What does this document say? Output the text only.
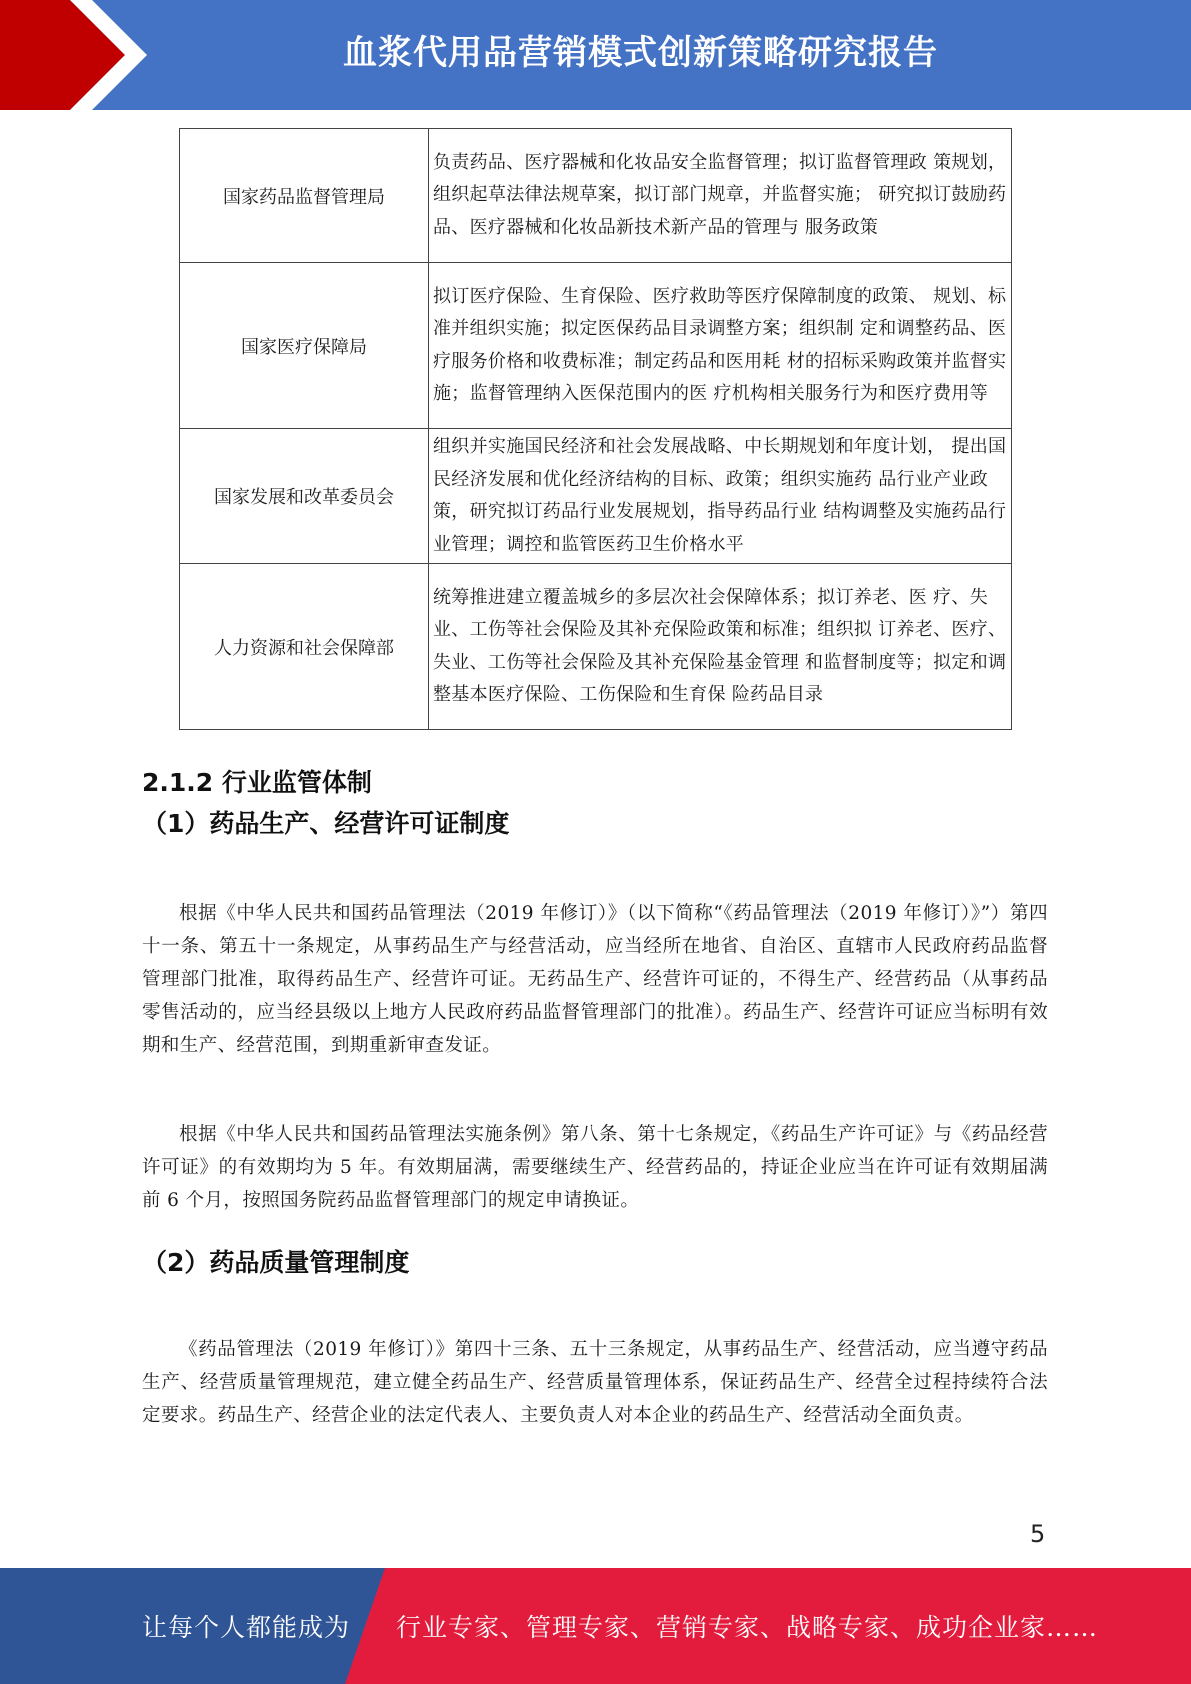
血浆代用品营销模式创新策略研究报告
国家药品监督管理局	负责药品、医疗器械和化妆品安全监督管理；拟订监督管理政 策规划，组织起草法律法规草案，拟订部门规章，并监督实施； 研究拟订鼓励药品、医疗器械和化妆品新技术新产品的管理与 服务政策
国家医疗保障局	拟订医疗保险、生育保险、医疗救助等医疗保障制度的政策、 规划、标准并组织实施；拟定医保药品目录调整方案；组织制 定和调整药品、医疗服务价格和收费标准；制定药品和医用耗 材的招标采购政策并监督实施；监督管理纳入医保范围内的医 疗机构相关服务行为和医疗费用等
国家发展和改革委员会	组织并实施国民经济和社会发展战略、中长期规划和年度计划， 提出国民经济发展和优化经济结构的目标、政策；组织实施药 品行业产业政策，研究拟订药品行业发展规划，指导药品行业 结构调整及实施药品行业管理；调控和监管医药卫生价格水平
人力资源和社会保障部	统筹推进建立覆盖城乡的多层次社会保障体系；拟订养老、医 疗、失业、工伤等社会保险及其补充保险政策和标准；组织拟 订养老、医疗、失业、工伤等社会保险及其补充保险基金管理 和监督制度等；拟定和调整基本医疗保险、工伤保险和生育保 险药品目录
2.1.2 行业监管体制
（1）药品生产、经营许可证制度

根据《中华人民共和国药品管理法（2019 年修订）》（以下简称“《药品管理法（2019 年修订）》”）第四十一条、第五十一条规定，从事药品生产与经营活动，应当经所在地省、自治区、直辖市人民政府药品监督管理部门批准，取得药品生产、经营许可证。无药品生产、经营许可证的，不得生产、经营药品（从事药品零售活动的，应当经县级以上地方人民政府药品监督管理部门的批准）。药品生产、经营许可证应当标明有效期和生产、经营范围，到期重新审查发证。

根据《中华人民共和国药品管理法实施条例》第八条、第十七条规定，《药品生产许可证》与《药品经营许可证》的有效期均为 5 年。有效期届满，需要继续生产、经营药品的，持证企业应当在许可证有效期届满前 6 个月，按照国务院药品监督管理部门的规定申请换证。

（2）药品质量管理制度

《药品管理法（2019 年修订）》第四十三条、五十三条规定，从事药品生产、经营活动，应当遵守药品生产、经营质量管理规范，建立健全药品生产、经营质量管理体系，保证药品生产、经营全过程持续符合法定要求。药品生产、经营企业的法定代表人、主要负责人对本企业的药品生产、经营活动全面负责。

5
让每个人都能成为 行业专家、管理专家、营销专家、战略专家、成功企业家……
